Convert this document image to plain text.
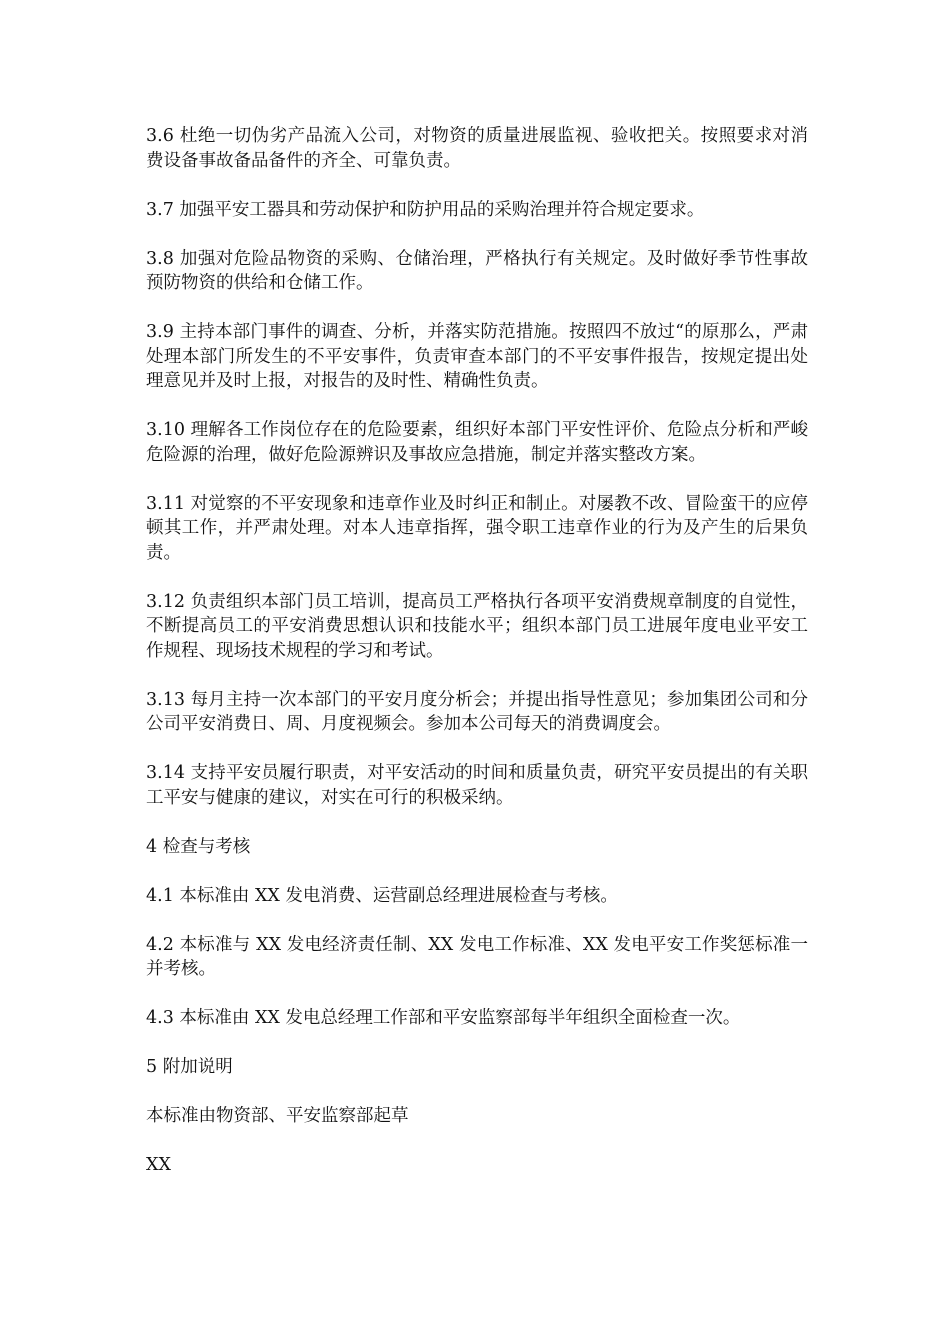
3.6 杜绝一切伪劣产品流入公司，对物资的质量进展监视、验收把关。按照要求对消费设备事故备品备件的齐全、可靠负责。

3.7 加强平安工器具和劳动保护和防护用品的采购治理并符合规定要求。

3.8 加强对危险品物资的采购、仓储治理，严格执行有关规定。及时做好季节性事故预防物资的供给和仓储工作。

3.9 主持本部门事件的调查、分析，并落实防范措施。按照四不放过“的原那么，严肃处理本部门所发生的不平安事件，负责审查本部门的不平安事件报告，按规定提出处理意见并及时上报，对报告的及时性、精确性负责。

3.10 理解各工作岗位存在的危险要素，组织好本部门平安性评价、危险点分析和严峻危险源的治理，做好危险源辨识及事故应急措施，制定并落实整改方案。

3.11 对觉察的不平安现象和违章作业及时纠正和制止。对屡教不改、冒险蛮干的应停顿其工作，并严肃处理。对本人违章指挥，强令职工违章作业的行为及产生的后果负责。

3.12 负责组织本部门员工培训，提高员工严格执行各项平安消费规章制度的自觉性，不断提高员工的平安消费思想认识和技能水平；组织本部门员工进展年度电业平安工作规程、现场技术规程的学习和考试。

3.13 每月主持一次本部门的平安月度分析会；并提出指导性意见；参加集团公司和分公司平安消费日、周、月度视频会。参加本公司每天的消费调度会。

3.14 支持平安员履行职责，对平安活动的时间和质量负责，研究平安员提出的有关职工平安与健康的建议，对实在可行的积极采纳。

4 检查与考核

4.1 本标准由 XX 发电消费、运营副总经理进展检查与考核。

4.2 本标准与 XX 发电经济责任制、XX 发电工作标准、XX 发电平安工作奖惩标准一并考核。

4.3 本标准由 XX 发电总经理工作部和平安监察部每半年组织全面检查一次。

5 附加说明

本标准由物资部、平安监察部起草

XX
